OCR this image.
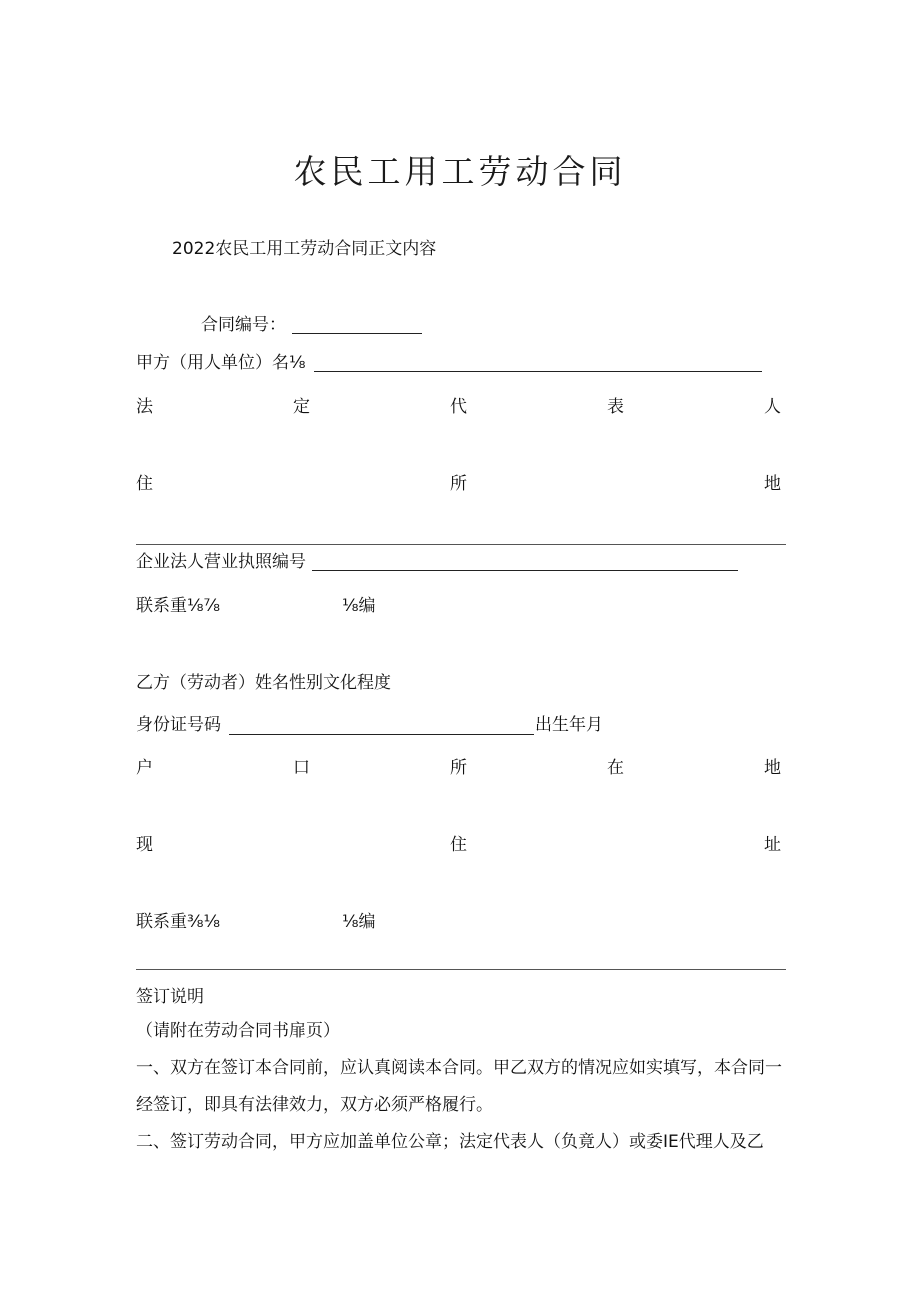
农民工用工劳动合同
2022农民工用工劳动合同正文内容
合同编号：
甲方（用人单位）名⅛
法	定	代	表	人
住	所	地
企业法人营业执照编号
联系重⅛⅞	⅛编
乙方（劳动者）姓名性别文化程度
身份证号码	出生年月
户	口	所	在	地
现	住	址
联系重⅜⅛	⅛编
签订说明
（请附在劳动合同书扉页）
一、双方在签订本合同前，应认真阅读本合同。甲乙双方的情况应如实填写，本合同一
经签订，即具有法律效力，双方必须严格履行。
二、签订劳动合同，甲方应加盖单位公章；法定代表人（负竟人）或委IE代理人及乙
